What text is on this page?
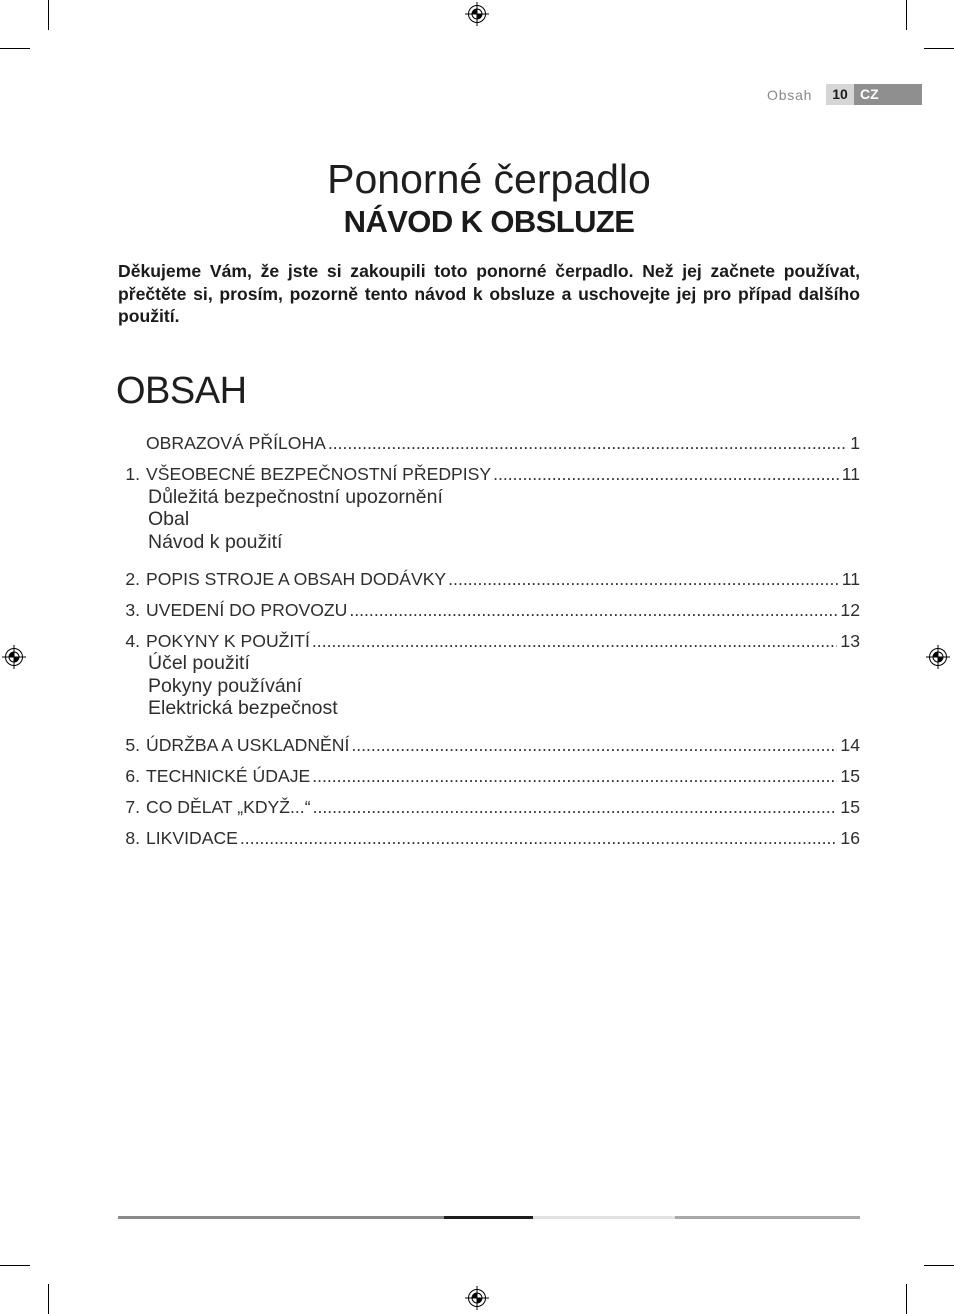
Obsah	10 CZ
Ponorné čerpadlo
NÁVOD K OBSLUZE

Děkujeme Vám, že jste si zakoupili toto ponorné čerpadlo. Než jej začnete používat, přečtěte si, prosím, pozorně tento návod k obsluze a uschovejte jej pro případ dalšího použití.

OBSAH
OBRAZOVÁ PŘÍLOHA .....	1
1. VŠEOBECNÉ BEZPEČNOSTNÍ PŘEDPISY .....	11
Důležitá bezpečnostní upozornění
Obal
Návod k použití
2. POPIS STROJE A OBSAH DODÁVKY .....	11
3. UVEDENÍ DO PROVOZU .....	12
4. POKYNY K POUŽITÍ .....	13
Účel použití
Pokyny používání
Elektrická bezpečnost
5. ÚDRŽBA A USKLADNĚNÍ .....	14
6. TECHNICKÉ ÚDAJE .....	15
7. CO DĚLAT „KDYŽ...“ .....	15
8. LIKVIDACE .....	16
